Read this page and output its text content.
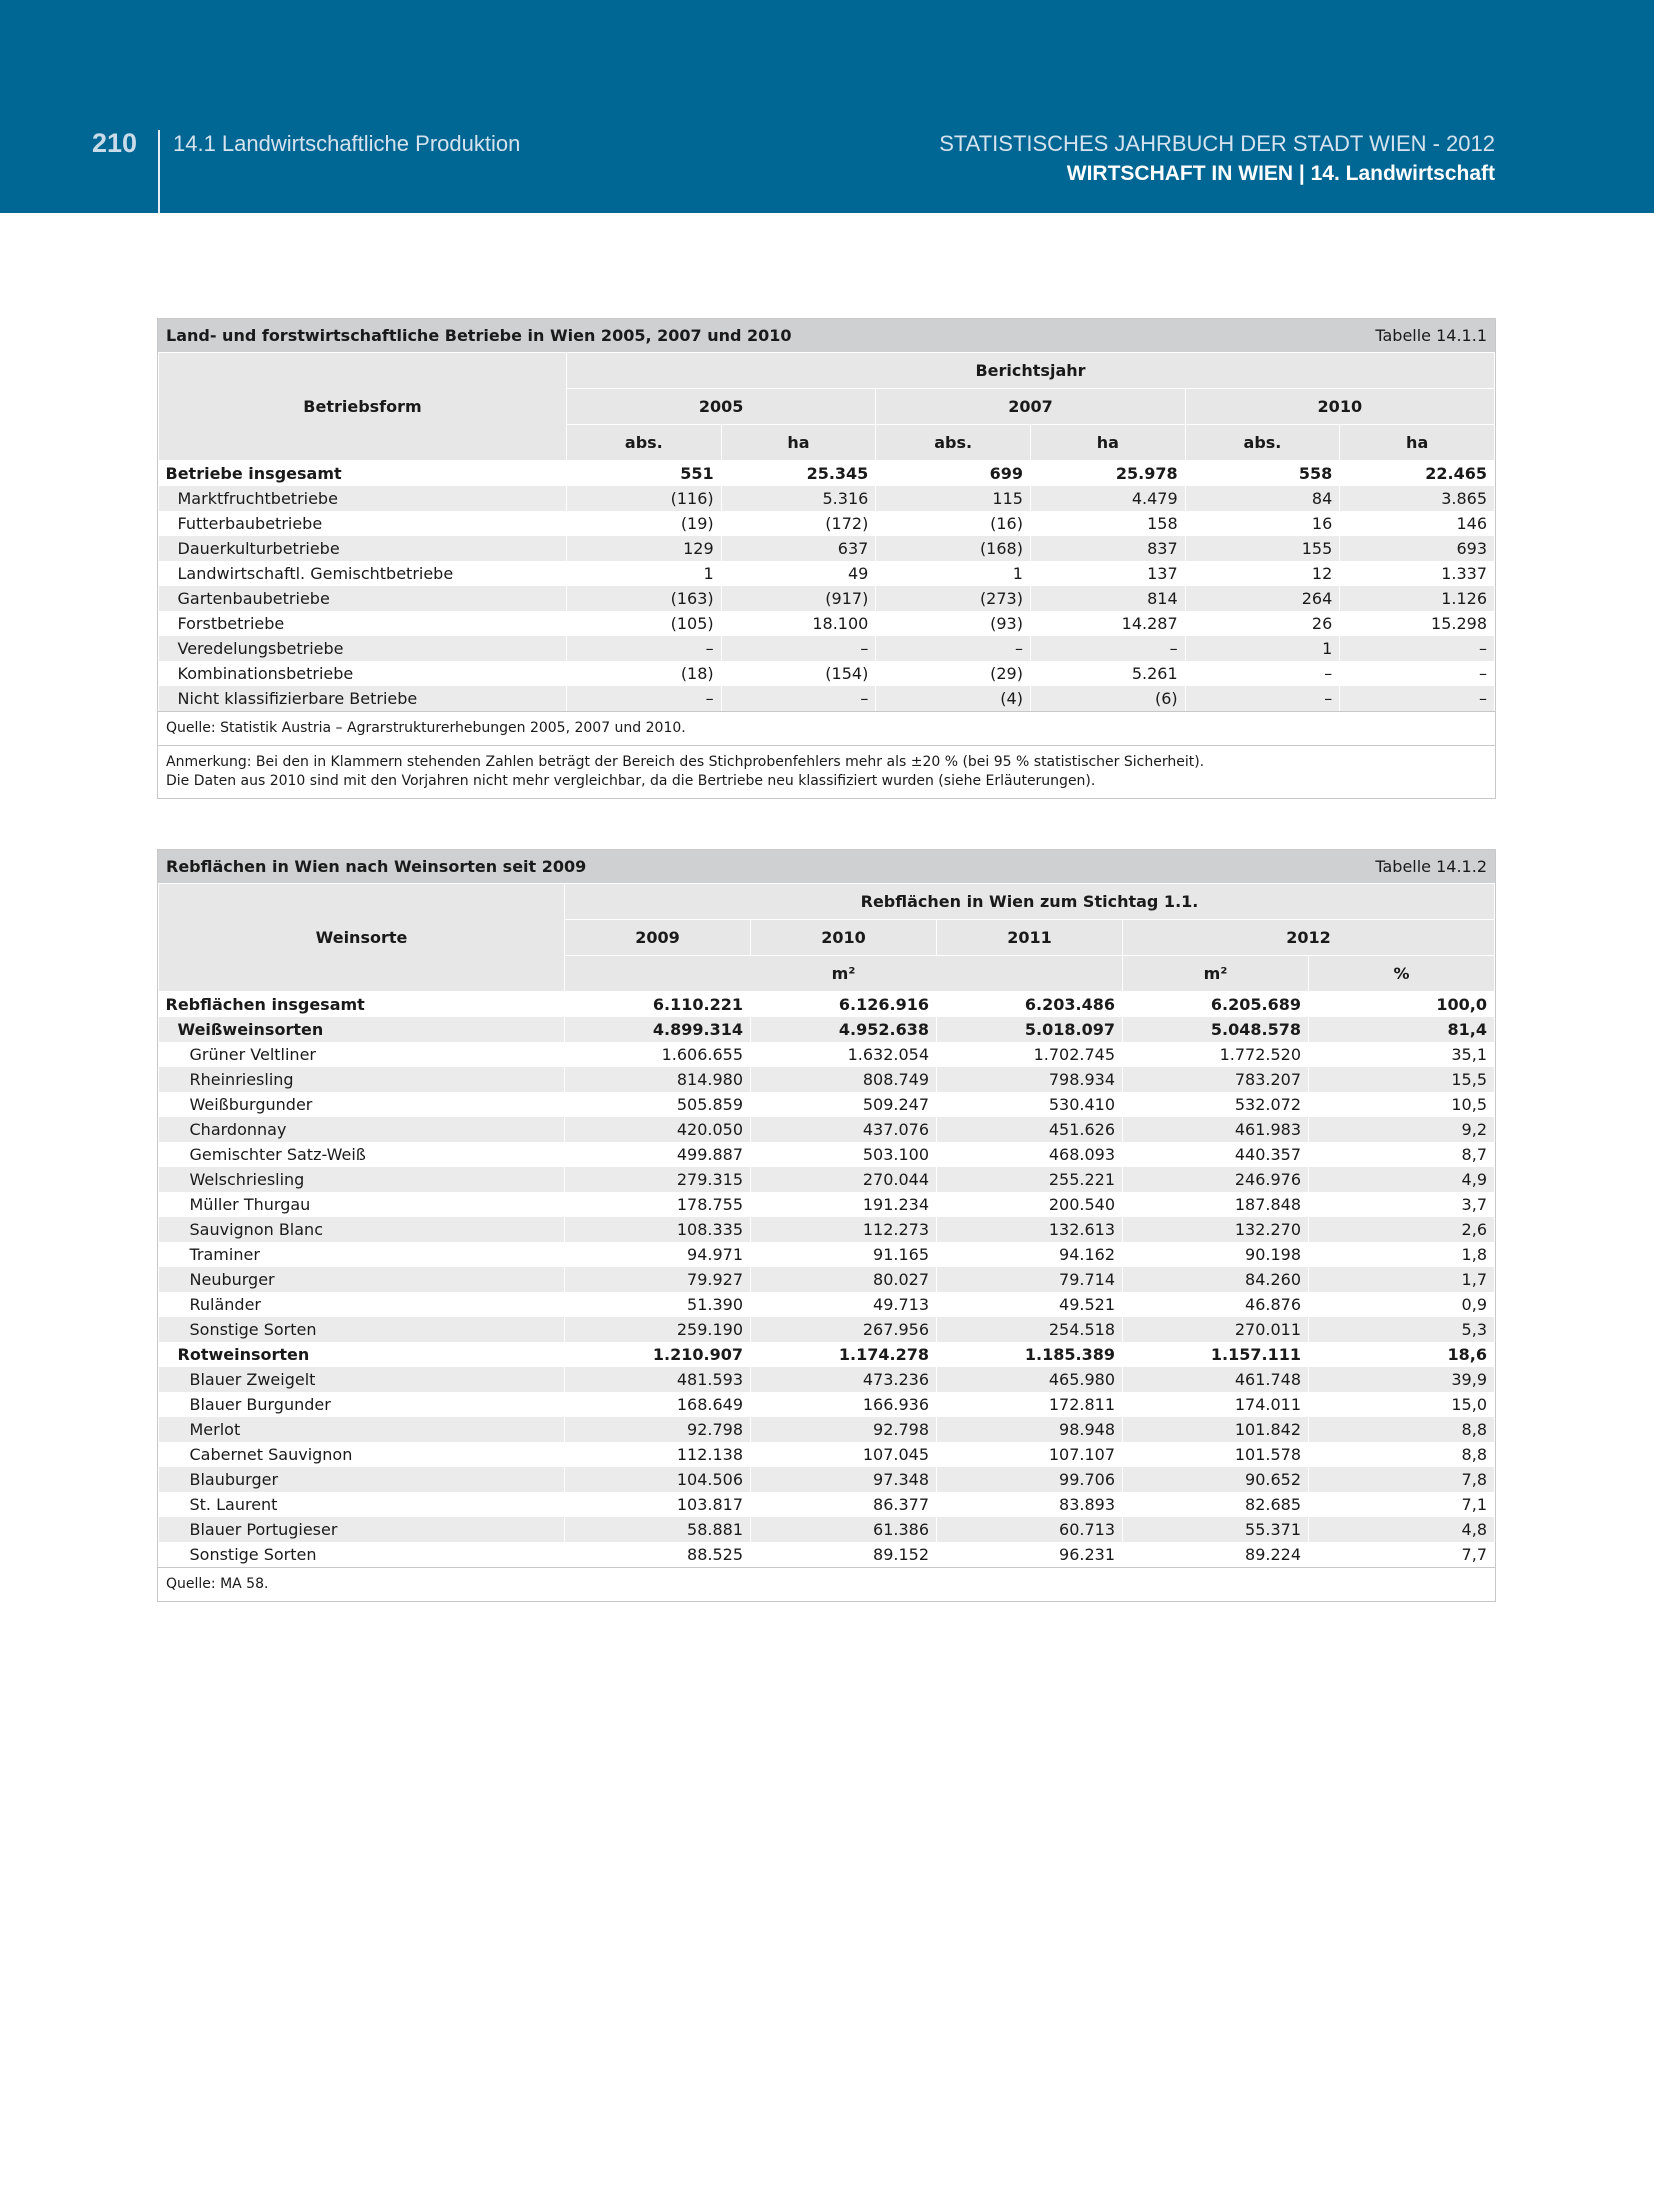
210 14.1 Landwirtschaftliche Produktion	STATISTISCHES JAHRBUCH DER STADT WIEN - 2012
WIRTSCHAFT IN WIEN | 14. Landwirtschaft
Land- und forstwirtschaftliche Betriebe in Wien 2005, 2007 und 2010	Tabelle 14.1.1
Betriebsform	Berichtsjahr					
	2005		2007		2010	
	abs.	ha	abs.	ha	abs.	ha
Betriebe insgesamt	551	25.345	699	25.978	558	22.465
Marktfruchtbetriebe	(116)	5.316	115	4.479	84	3.865
Futterbaubetriebe	(19)	(172)	(16)	158	16	146
Dauerkulturbetriebe	129	637	(168)	837	155	693
Landwirtschaftl. Gemischtbetriebe	1	49	1	137	12	1.337
Gartenbaubetriebe	(163)	(917)	(273)	814	264	1.126
Forstbetriebe	(105)	18.100	(93)	14.287	26	15.298
Veredelungsbetriebe	–	–	–	–	1	–
Kombinationsbetriebe	(18)	(154)	(29)	5.261	–	–
Nicht klassifizierbare Betriebe	–	–	(4)	(6)	–	–
Quelle: Statistik Austria – Agrarstrukturerhebungen 2005, 2007 und 2010.
Anmerkung: Bei den in Klammern stehenden Zahlen beträgt der Bereich des Stichprobenfehlers mehr als ±20 % (bei 95 % statistischer Sicherheit).
Die Daten aus 2010 sind mit den Vorjahren nicht mehr vergleichbar, da die Bertriebe neu klassifiziert wurden (siehe Erläuterungen).
Rebflächen in Wien nach Weinsorten seit 2009	Tabelle 14.1.2
Weinsorte	Rebflächen in Wien zum Stichtag 1.1.				
	2009	2010	2011	2012	
	m²			m²	%
Rebflächen insgesamt	6.110.221	6.126.916	6.203.486	6.205.689	100,0
Weißweinsorten	4.899.314	4.952.638	5.018.097	5.048.578	81,4
Grüner Veltliner	1.606.655	1.632.054	1.702.745	1.772.520	35,1
Rheinriesling	814.980	808.749	798.934	783.207	15,5
Weißburgunder	505.859	509.247	530.410	532.072	10,5
Chardonnay	420.050	437.076	451.626	461.983	9,2
Gemischter Satz-Weiß	499.887	503.100	468.093	440.357	8,7
Welschriesling	279.315	270.044	255.221	246.976	4,9
Müller Thurgau	178.755	191.234	200.540	187.848	3,7
Sauvignon Blanc	108.335	112.273	132.613	132.270	2,6
Traminer	94.971	91.165	94.162	90.198	1,8
Neuburger	79.927	80.027	79.714	84.260	1,7
Ruländer	51.390	49.713	49.521	46.876	0,9
Sonstige Sorten	259.190	267.956	254.518	270.011	5,3
Rotweinsorten	1.210.907	1.174.278	1.185.389	1.157.111	18,6
Blauer Zweigelt	481.593	473.236	465.980	461.748	39,9
Blauer Burgunder	168.649	166.936	172.811	174.011	15,0
Merlot	92.798	92.798	98.948	101.842	8,8
Cabernet Sauvignon	112.138	107.045	107.107	101.578	8,8
Blauburger	104.506	97.348	99.706	90.652	7,8
St. Laurent	103.817	86.377	83.893	82.685	7,1
Blauer Portugieser	58.881	61.386	60.713	55.371	4,8
Sonstige Sorten	88.525	89.152	96.231	89.224	7,7
Quelle: MA 58.
